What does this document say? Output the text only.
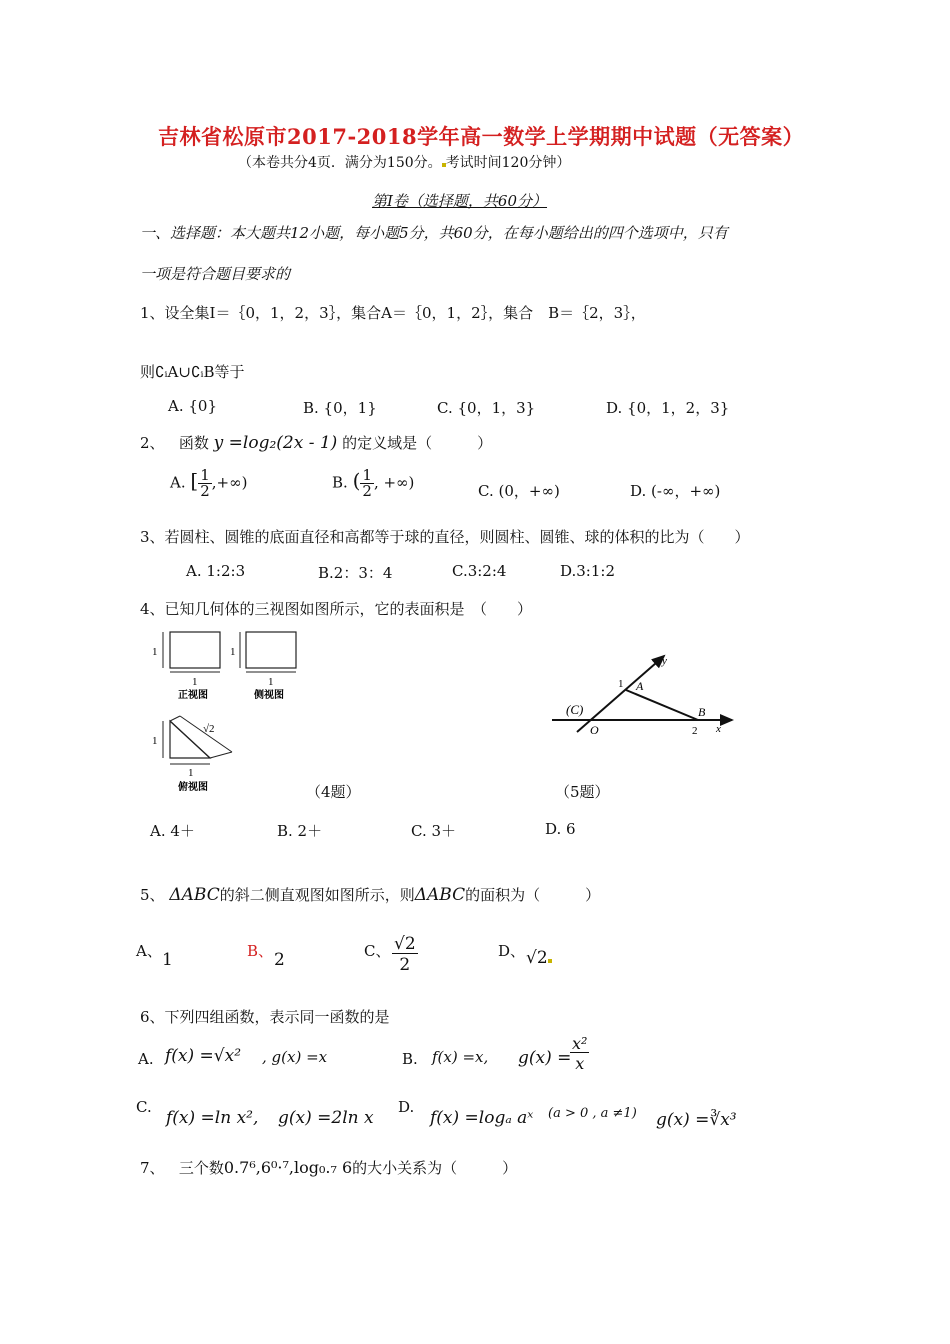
吉林省松原市2017-2018学年高一数学上学期期中试题（无答案）
（本卷共分4页．满分为150分。 考试时间120分钟）
第Ⅰ卷（选择题，共60分）
一、选择题：本大题共12小题，每小题5分，共60分，在每小题给出的四个选项中，只有
一项是符合题目要求的
1、设全集Ⅰ＝｛0，1，2，3｝，集合A＝｛0，1，2｝，集合　B＝｛2，3｝，
则∁ᵢA∪∁ᵢB等于
A. {0}	B. {0，1}	C. {0，1，3}	D. {0，1，2，3}
2、 函数 y =log₂(2x - 1) 的定义域是（　　　）
A. [ $\frac{1}{2}$ ,+∞)	B. ( $\frac{1}{2}$ , +∞)	C. (0，+∞)	D. (-∞，+∞)
3、若圆柱、圆锥的底面直径和高都等于球的直径，则圆柱、圆锥、球的体积的比为（　　）
A. 1:2:3	B.2：3：4	C.3:2:4	D.3:1:2
4、已知几何体的三视图如图所示，它的表面积是　（　　）
1
1
正视图
1
1
侧视图
1
√2
1
俯视图
(C)
O
A
B
1
2 x
y
（4题）	（5题）
A. 4＋	B. 2＋	C. 3＋	D. 6
5、 ΔABC的斜二侧直观图如图所示，则ΔABC的面积为（　　　）
A、 1	B、 2	C、 $\frac{√2}{2}$	D、 √2
6、下列四组函数，表示同一函数的是
A. f(x) =√x² , g(x) =x	B. f(x) =x, g(x) =
$\frac{\text{x²}}{x}$
C.
f(x) =ln x², g(x) =2ln x
D.
f(x) =logₐ aˣ (a > 0 , a ≠1) g(x) =∛x³
7、 三个数0.7⁶,6⁰·⁷,log₀.₇ 6的大小关系为（　　　）
